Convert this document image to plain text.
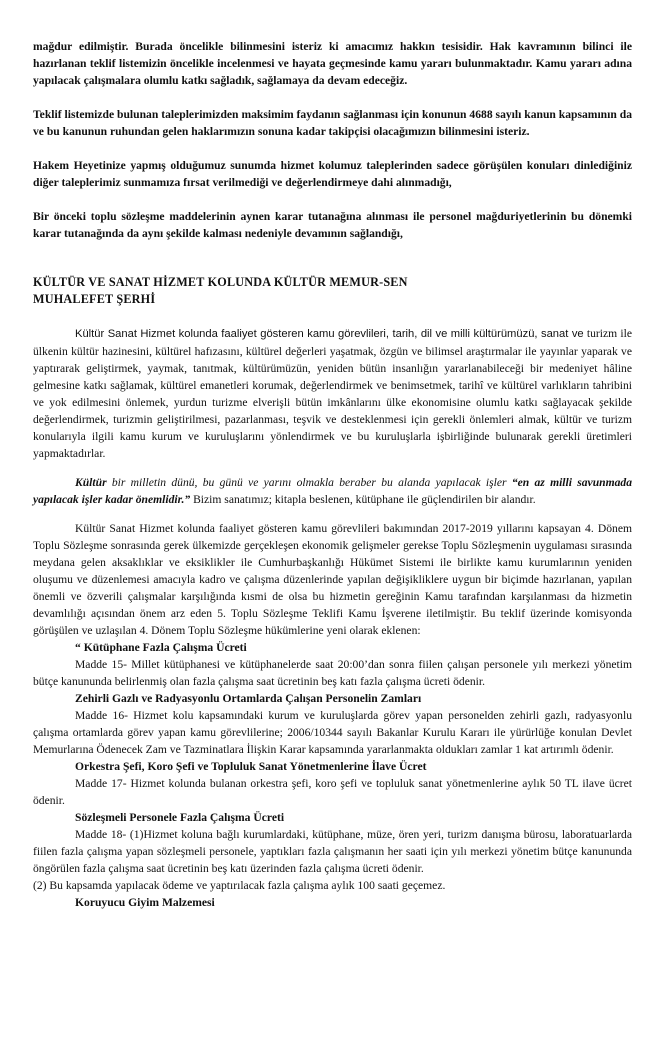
mağdur edilmiştir. Burada öncelikle bilinmesini isteriz ki amacımız hakkın tesisidir. Hak kavramının bilinci ile hazırlanan teklif listemizin öncelikle incelenmesi ve hayata geçmesinde kamu yararı bulunmaktadır. Kamu yararı adına yapılacak çalışmalara olumlu katkı sağladık, sağlamaya da devam edeceğiz.

Teklif listemizde bulunan taleplerimizden maksimim faydanın sağlanması için konunun 4688 sayılı kanun kapsamının da ve bu kanunun ruhundan gelen haklarımızın sonuna kadar takipçisi olacağımızın bilinmesini isteriz.

Hakem Heyetinize yapmış olduğumuz sunumda hizmet kolumuz taleplerinden sadece görüşülen konuları dinlediğiniz diğer taleplerimiz sunmamıza fırsat verilmediği ve değerlendirmeye dahi alınmadığı,

Bir önceki toplu sözleşme maddelerinin aynen karar tutanağına alınması ile personel mağduriyetlerinin bu dönemki karar tutanağında da aynı şekilde kalması nedeniyle devamının sağlandığı,

KÜLTÜR VE SANAT HİZMET KOLUNDA KÜLTÜR MEMUR-SEN
MUHALEFET ŞERHİ

Kültür Sanat Hizmet kolunda faaliyet gösteren kamu görevlileri, tarih, dil ve milli kültürümüzü, sanat ve turizm ile ülkenin kültür hazinesini, kültürel hafızasını, kültürel değerleri yaşatmak, özgün ve bilimsel araştırmalar ile yayınlar yaparak ve yaptırarak geliştirmek, yaymak, tanıtmak, kültürümüzün, yeniden bütün insanlığın yararlanabileceği bir medeniyet hâline gelmesine katkı sağlamak, kültürel emanetleri korumak, değerlendirmek ve benimsetmek, tarihî ve kültürel varlıkların tahribini ve yok edilmesini önlemek, yurdun turizme elverişli bütün imkânlarını ülke ekonomisine olumlu katkı sağlayacak şekilde değerlendirmek, turizmin geliştirilmesi, pazarlanması, teşvik ve desteklenmesi için gerekli önlemleri almak, kültür ve turizm konularıyla ilgili kamu kurum ve kuruluşlarını yönlendirmek ve bu kuruluşlarla işbirliğinde bulunarak gerekli üretimleri yapmaktadırlar.

Kültür bir milletin dünü, bu günü ve yarını olmakla beraber bu alanda yapılacak işler “en az milli savunmada yapılacak işler kadar önemlidir.” Bizim sanatımız; kitapla beslenen, kütüphane ile güçlendirilen bir alandır.

Kültür Sanat Hizmet kolunda faaliyet gösteren kamu görevlileri bakımından 2017-2019 yıllarını kapsayan 4. Dönem Toplu Sözleşme sonrasında gerek ülkemizde gerçekleşen ekonomik gelişmeler gerekse Toplu Sözleşmenin uygulaması sırasında meydana gelen aksaklıklar ve eksiklikler ile Cumhurbaşkanlığı Hükümet Sistemi ile birlikte kamu kurumlarının yeniden oluşumu ve düzenlemesi amacıyla kadro ve çalışma düzenlerinde yapılan değişikliklere uygun bir biçimde hazırlanan, yapılan önemli ve özverili çalışmalar karşılığında kısmi de olsa bu hizmetin gereğinin Kamu tarafından karşılanması da hizmetin devamlılığı açısından önem arz eden 5. Toplu Sözleşme Teklifi Kamu İşverene iletilmiştir. Bu teklif üzerinde komisyonda görüşülen ve uzlaşılan 4. Dönem Toplu Sözleşme hükümlerine yeni olarak eklenen:

“ Kütüphane Fazla Çalışma Ücreti

Madde 15- Millet kütüphanesi ve kütüphanelerde saat 20:00’dan sonra fiilen çalışan personele yılı merkezi yönetim bütçe kanununda belirlenmiş olan fazla çalışma saat ücretinin beş katı fazla çalışma ücreti ödenir.

Zehirli Gazlı ve Radyasyonlu Ortamlarda Çalışan Personelin Zamları

Madde 16- Hizmet kolu kapsamındaki kurum ve kuruluşlarda görev yapan personelden zehirli gazlı, radyasyonlu çalışma ortamlarda görev yapan kamu görevlilerine; 2006/10344 sayılı Bakanlar Kurulu Kararı ile yürürlüğe konulan Devlet Memurlarına Ödenecek Zam ve Tazminatlara İlişkin Karar kapsamında yararlanmakta oldukları zamlar 1 kat artırımlı ödenir.

Orkestra Şefi, Koro Şefi ve Topluluk Sanat Yönetmenlerine İlave Ücret

Madde 17- Hizmet kolunda bulanan orkestra şefi, koro şefi ve topluluk sanat yönetmenlerine aylık 50 TL ilave ücret ödenir.

Sözleşmeli Personele Fazla Çalışma Ücreti

Madde 18- (1)Hizmet koluna bağlı kurumlardaki, kütüphane, müze, ören yeri, turizm danışma bürosu, laboratuarlarda fiilen fazla çalışma yapan sözleşmeli personele, yaptıkları fazla çalışmanın her saati için yılı merkezi yönetim bütçe kanununda öngörülen fazla çalışma saat ücretinin beş katı üzerinden fazla çalışma ücreti ödenir.

(2) Bu kapsamda yapılacak ödeme ve yaptırılacak fazla çalışma aylık 100 saati geçemez.

Koruyucu Giyim Malzemesi
